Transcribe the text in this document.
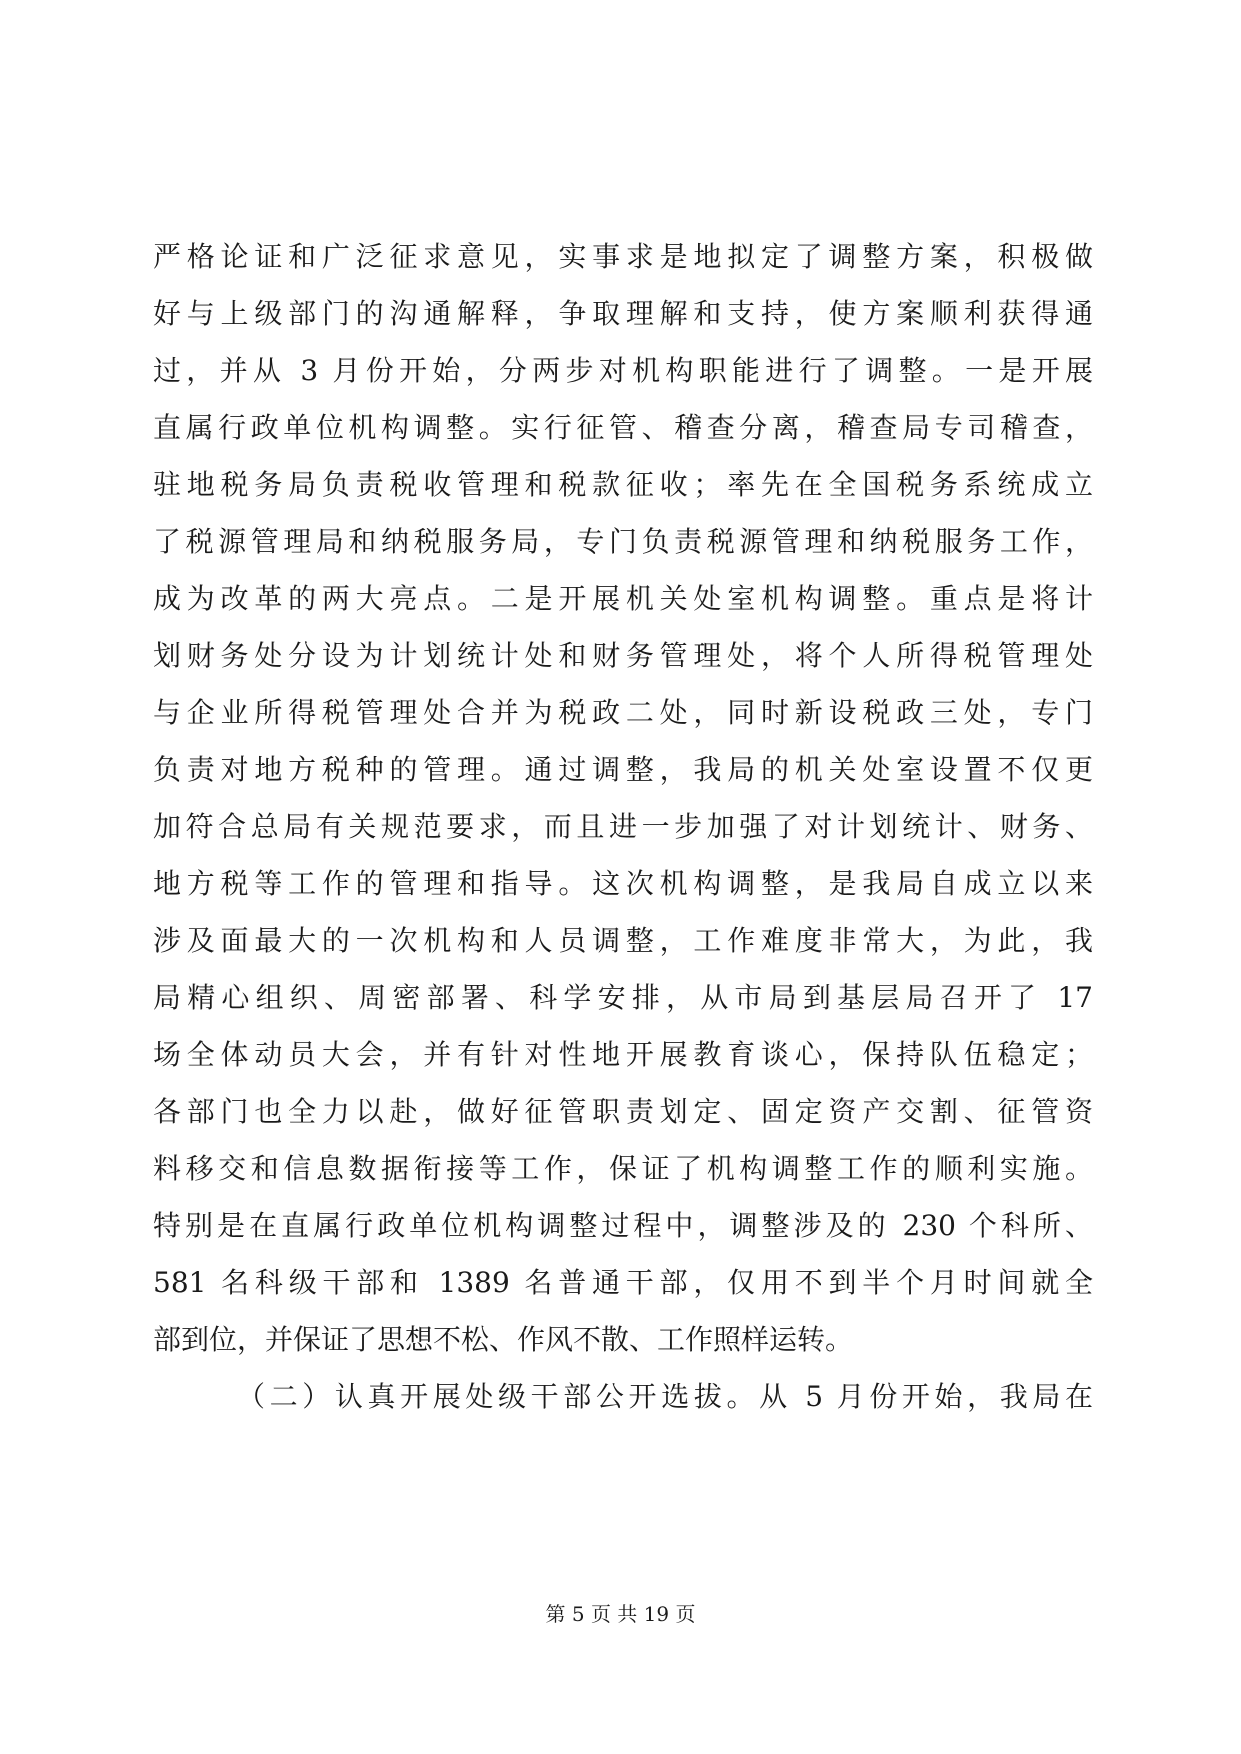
严格论证和广泛征求意见，实事求是地拟定了调整方案，积极做
好与上级部门的沟通解释，争取理解和支持，使方案顺利获得通
过，并从 3 月份开始，分两步对机构职能进行了调整。一是开展
直属行政单位机构调整。实行征管、稽查分离，稽查局专司稽查，
驻地税务局负责税收管理和税款征收；率先在全国税务系统成立
了税源管理局和纳税服务局，专门负责税源管理和纳税服务工作，
成为改革的两大亮点。二是开展机关处室机构调整。重点是将计
划财务处分设为计划统计处和财务管理处，将个人所得税管理处
与企业所得税管理处合并为税政二处，同时新设税政三处，专门
负责对地方税种的管理。通过调整，我局的机关处室设置不仅更
加符合总局有关规范要求，而且进一步加强了对计划统计、财务、
地方税等工作的管理和指导。这次机构调整，是我局自成立以来
涉及面最大的一次机构和人员调整，工作难度非常大，为此，我
局精心组织、周密部署、科学安排，从市局到基层局召开了 17
场全体动员大会，并有针对性地开展教育谈心，保持队伍稳定；
各部门也全力以赴，做好征管职责划定、固定资产交割、征管资
料移交和信息数据衔接等工作，保证了机构调整工作的顺利实施。
特别是在直属行政单位机构调整过程中，调整涉及的 230 个科所、
581 名科级干部和 1389 名普通干部，仅用不到半个月时间就全
部到位，并保证了思想不松、作风不散、工作照样运转。
（二）认真开展处级干部公开选拔。从 5 月份开始，我局在
第 5 页 共 19 页
